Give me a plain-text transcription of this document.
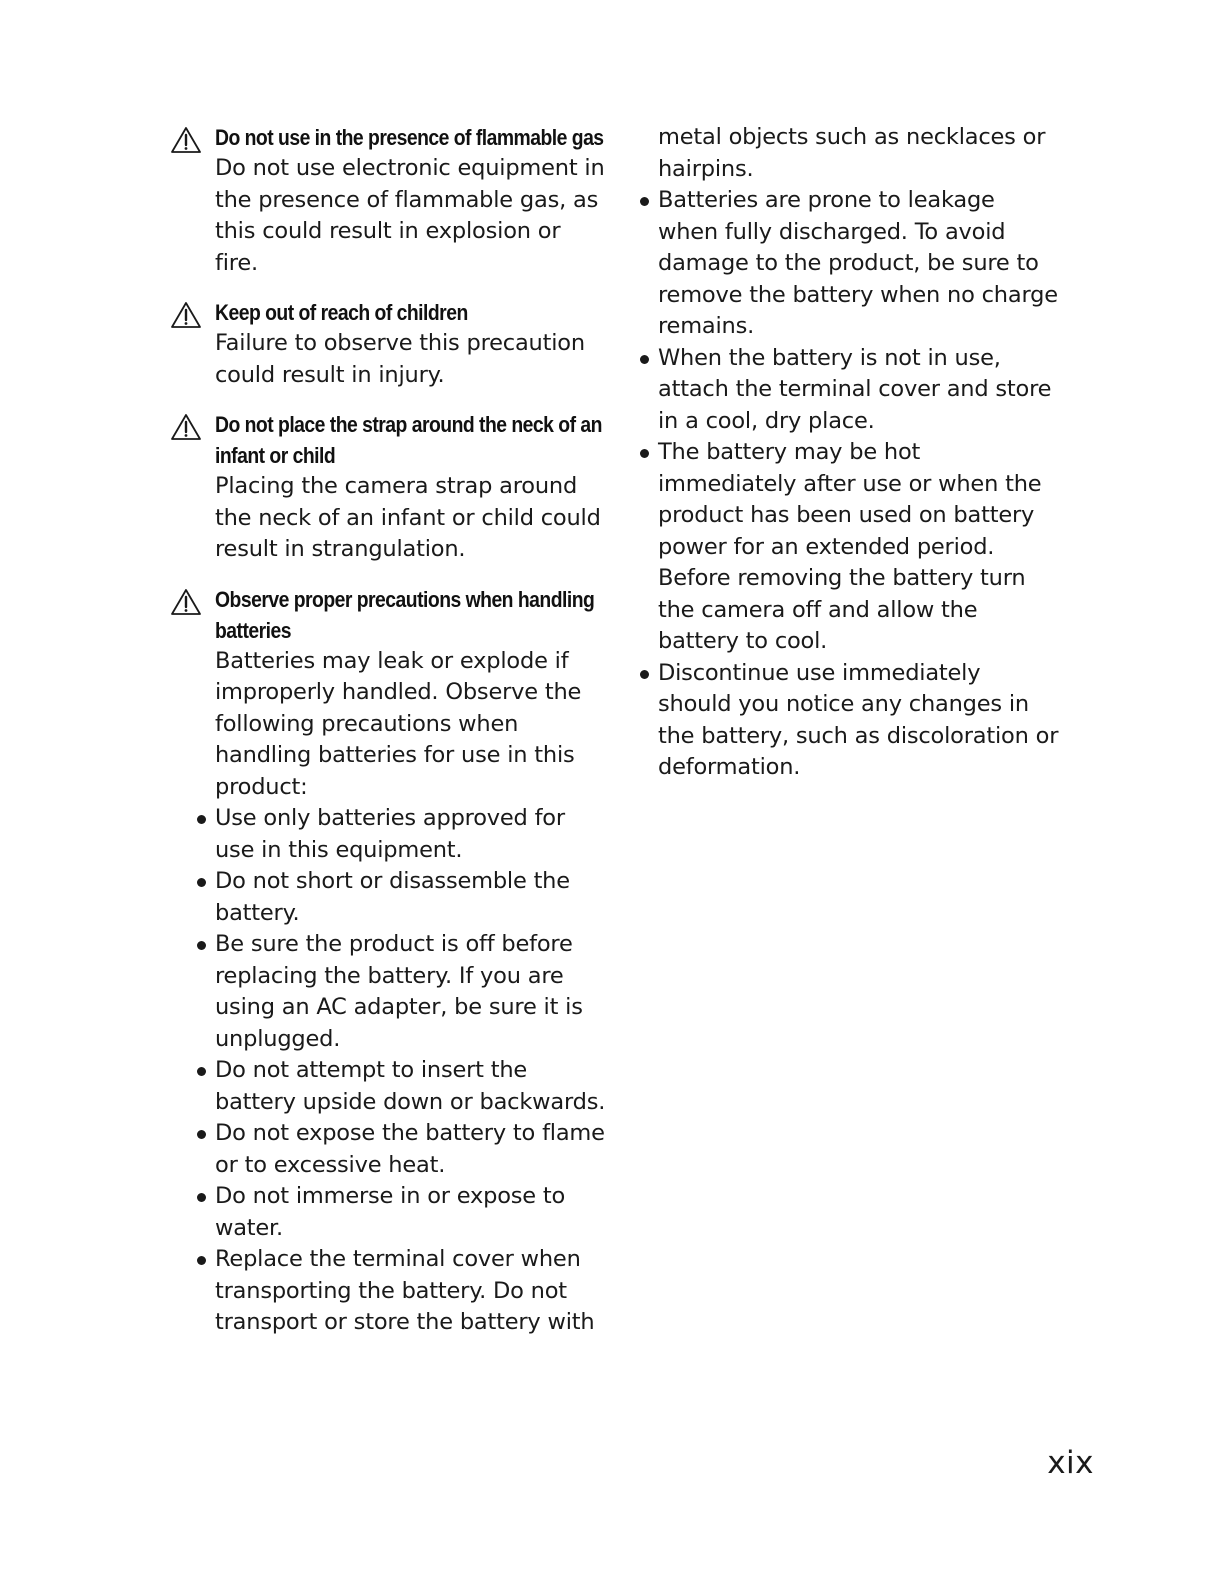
Do not use in the presence of flammable gas
Do not use electronic equipment in the presence of flammable gas, as this could result in explosion or fire.
Keep out of reach of children
Failure to observe this precaution could result in injury.
Do not place the strap around the neck of an infant or child
Placing the camera strap around the neck of an infant or child could result in strangulation.
Observe proper precautions when handling batteries
Batteries may leak or explode if improperly handled. Observe the following precautions when handling batteries for use in this product:
Use only batteries approved for use in this equipment.
Do not short or disassemble the battery.
Be sure the product is off before replacing the battery. If you are using an AC adapter, be sure it is unplugged.
Do not attempt to insert the battery upside down or backwards.
Do not expose the battery to flame or to excessive heat.
Do not immerse in or expose to water.
Replace the terminal cover when transporting the battery. Do not transport or store the battery with
metal objects such as necklaces or hairpins.
Batteries are prone to leakage when fully discharged. To avoid damage to the product, be sure to remove the battery when no charge remains.
When the battery is not in use, attach the terminal cover and store in a cool, dry place.
The battery may be hot immediately after use or when the product has been used on battery power for an extended period. Before removing the battery turn the camera off and allow the battery to cool.
Discontinue use immediately should you notice any changes in the battery, such as discoloration or deformation.
xix
